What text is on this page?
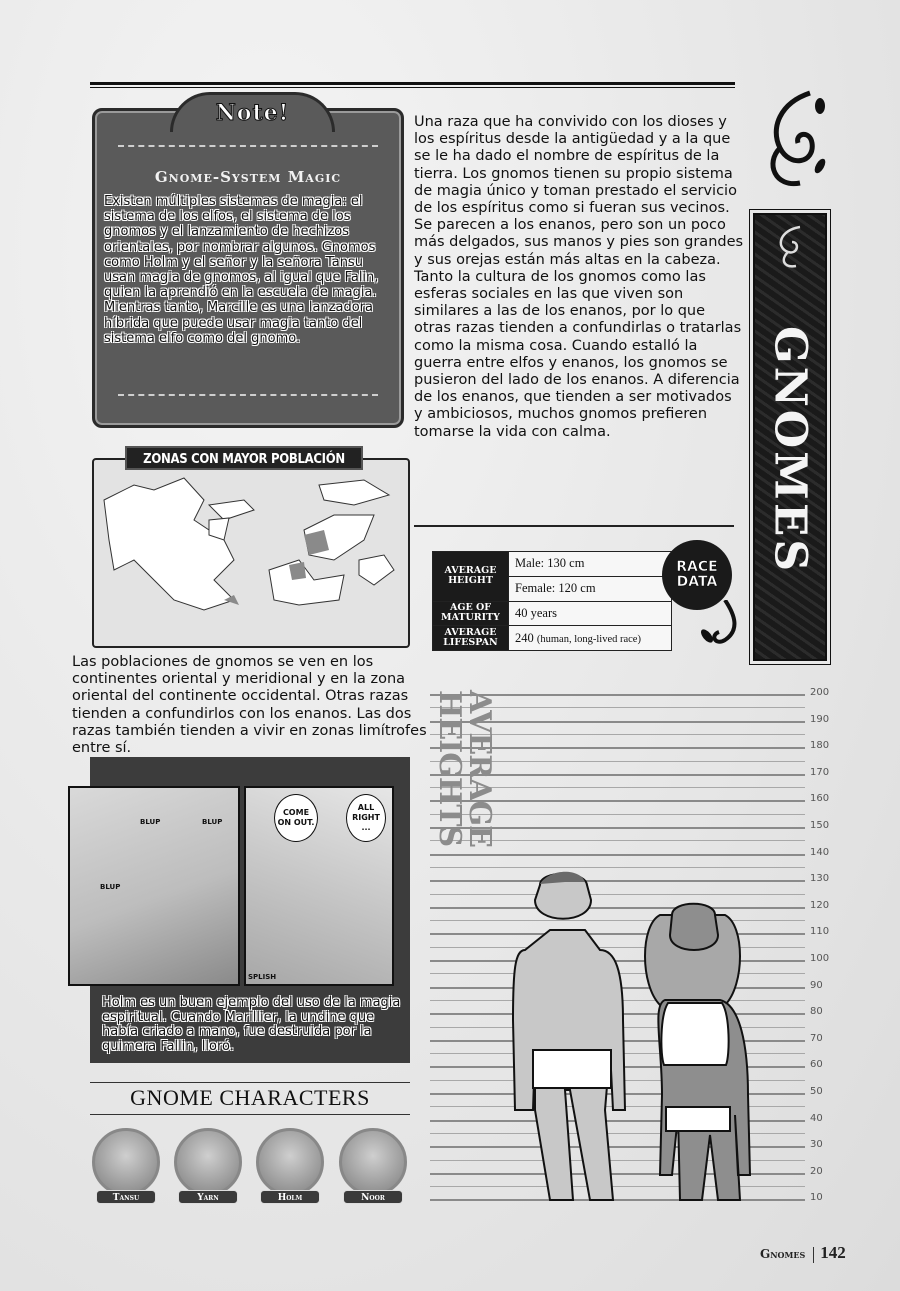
Note!
Gnome-System Magic
Existen múltiples sistemas de magia: el sistema de los elfos, el sistema de los gnomos y el lanzamiento de hechizos orientales, por nombrar algunos. Gnomos como Holm y el señor y la señora Tansu usan magia de gnomos, al igual que Falin, quien la aprendió en la escuela de magia. Mientras tanto, Marcille es una lanzadora híbrida que puede usar magia tanto del sistema elfo como del gnomo.
Una raza que ha convivido con los dioses y los espíritus desde la antigüedad y a la que se le ha dado el nombre de espíritus de la tierra. Los gnomos tienen su propio sistema de magia único y toman prestado el servicio de los espíritus como si fueran sus vecinos. Se parecen a los enanos, pero son un poco más delgados, sus manos y pies son grandes y sus orejas están más altas en la cabeza. Tanto la cultura de los gnomos como las esferas sociales en las que viven son similares a las de los enanos, por lo que otras razas tienden a confundirlas o tratarlas como la misma cosa. Cuando estalló la guerra entre elfos y enanos, los gnomos se pusieron del lado de los enanos. A diferencia de los enanos, que tienden a ser motivados y ambiciosos, muchos gnomos prefieren tomarse la vida con calma.	GNOMES
AVERAGE HEIGHT	Male: 130 cm
	Female: 120 cm
AGE OF MATURITY	40 years
AVERAGE LIFESPAN	240 (human, long-lived race)
RACE
DATA
ZONAS CON MAYOR POBLACIÓN
Las poblaciones de gnomos se ven en los continentes oriental y meridional y en la zona oriental del continente occidental. Otras razas tienden a confundirlos con los enanos. Las dos razas también tienden a vivir en zonas limítrofes entre sí.
BLUP	BLUP
BLUP
COME ON OUT.
ALL RIGHT ...
SPLISH
Holm es un buen ejemplo del uso de la magia espiritual. Cuando Marillier, la undine que había criado a mano, fue destruida por la quimera Fallin, lloró.
GNOME CHARACTERS
Tansu	Yarn	Holm	Noor
200
190
180
170
160
150
140
130
120
110
100
90
80
70
60
50
40
30
20
10
AVERAGE
HEIGHTS
Gnomes 142
